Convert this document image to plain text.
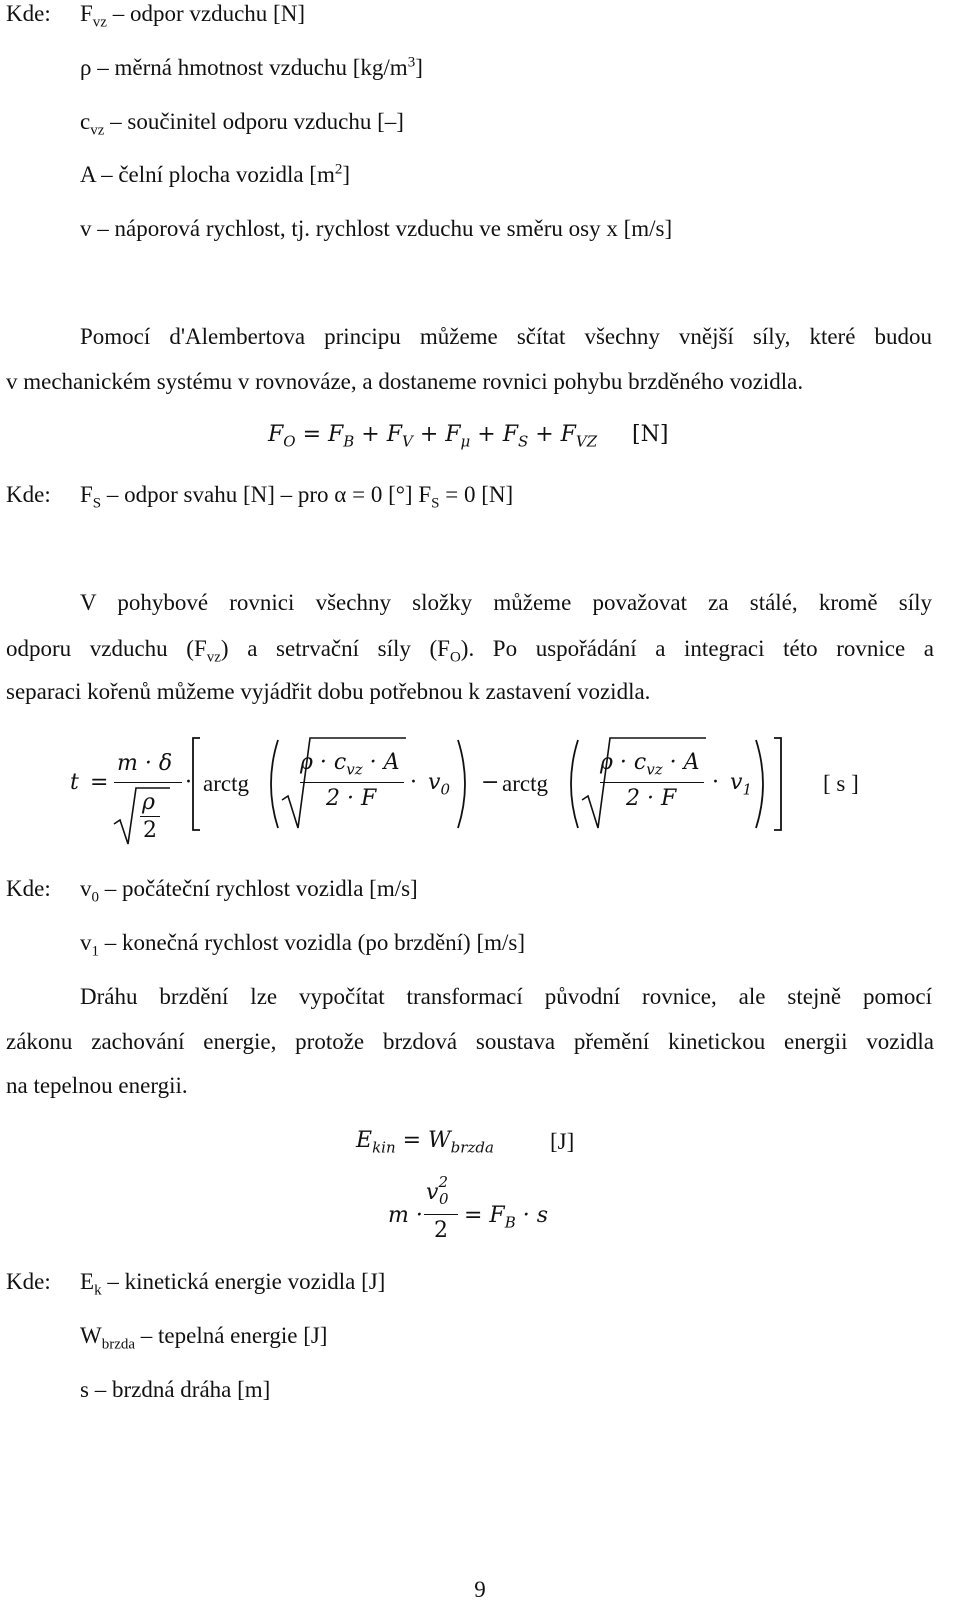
Kde: $F_{vz}$ – odpor vzduchu [N]
ρ – měrná hmotnost vzduchu $[kg/m^3]$
$c_{vz}$ – součinitel odporu vzduchu [–]
A – čelní plocha vozidla $[m^2]$
v – náporová rychlost, tj. rychlost vzduchu ve směru osy x [m/s]
Pomocí d'Alembertova principu můžeme sčítat všechny vnější síly, které budou
v mechanickém systému v rovnováze, a dostaneme rovnici pohybu brzděného vozidla.
$F_O = F_B + F_V + F_\mu + F_S + F_{VZ}$ [N]
Kde: $F_S$ – odpor svahu [N] – pro α = 0 [°] $F_S = 0$ [N]
V pohybové rovnici všechny složky můžeme považovat za stálé, kromě síly
odporu vzduchu $(F_{vz})$ a setrvační síly $(F_O)$. Po uspořádání a integraci této rovnice a
separaci kořenů můžeme vyjádřit dobu potřebnou k zastavení vozidla.
t =
m · δ
ρ
2
· arctg
$\rho \cdot c_{vz} \cdot A$
2 · F
· $v_0$ − arctg
$\rho \cdot c_{vz} \cdot A$
2 · F
· $v_1$	[ s ]
Kde: $v_0$ – počáteční rychlost vozidla [m/s]
$v_1$ – konečná rychlost vozidla (po brzdění) [m/s]
Dráhu brzdění lze vypočítat transformací původní rovnice, ale stejně pomocí
zákonu zachování energie, protože brzdová soustava přemění kinetickou energii vozidla
na tepelnou energii.
$E_{kin} = W_{brzda}$ [J]
m ·
$v^2_0$
2
= $F_B \cdot s$
Kde: $E_k$ – kinetická energie vozidla [J]
$W_{brzda}$ – tepelná energie [J]
s – brzdná dráha [m]
9
